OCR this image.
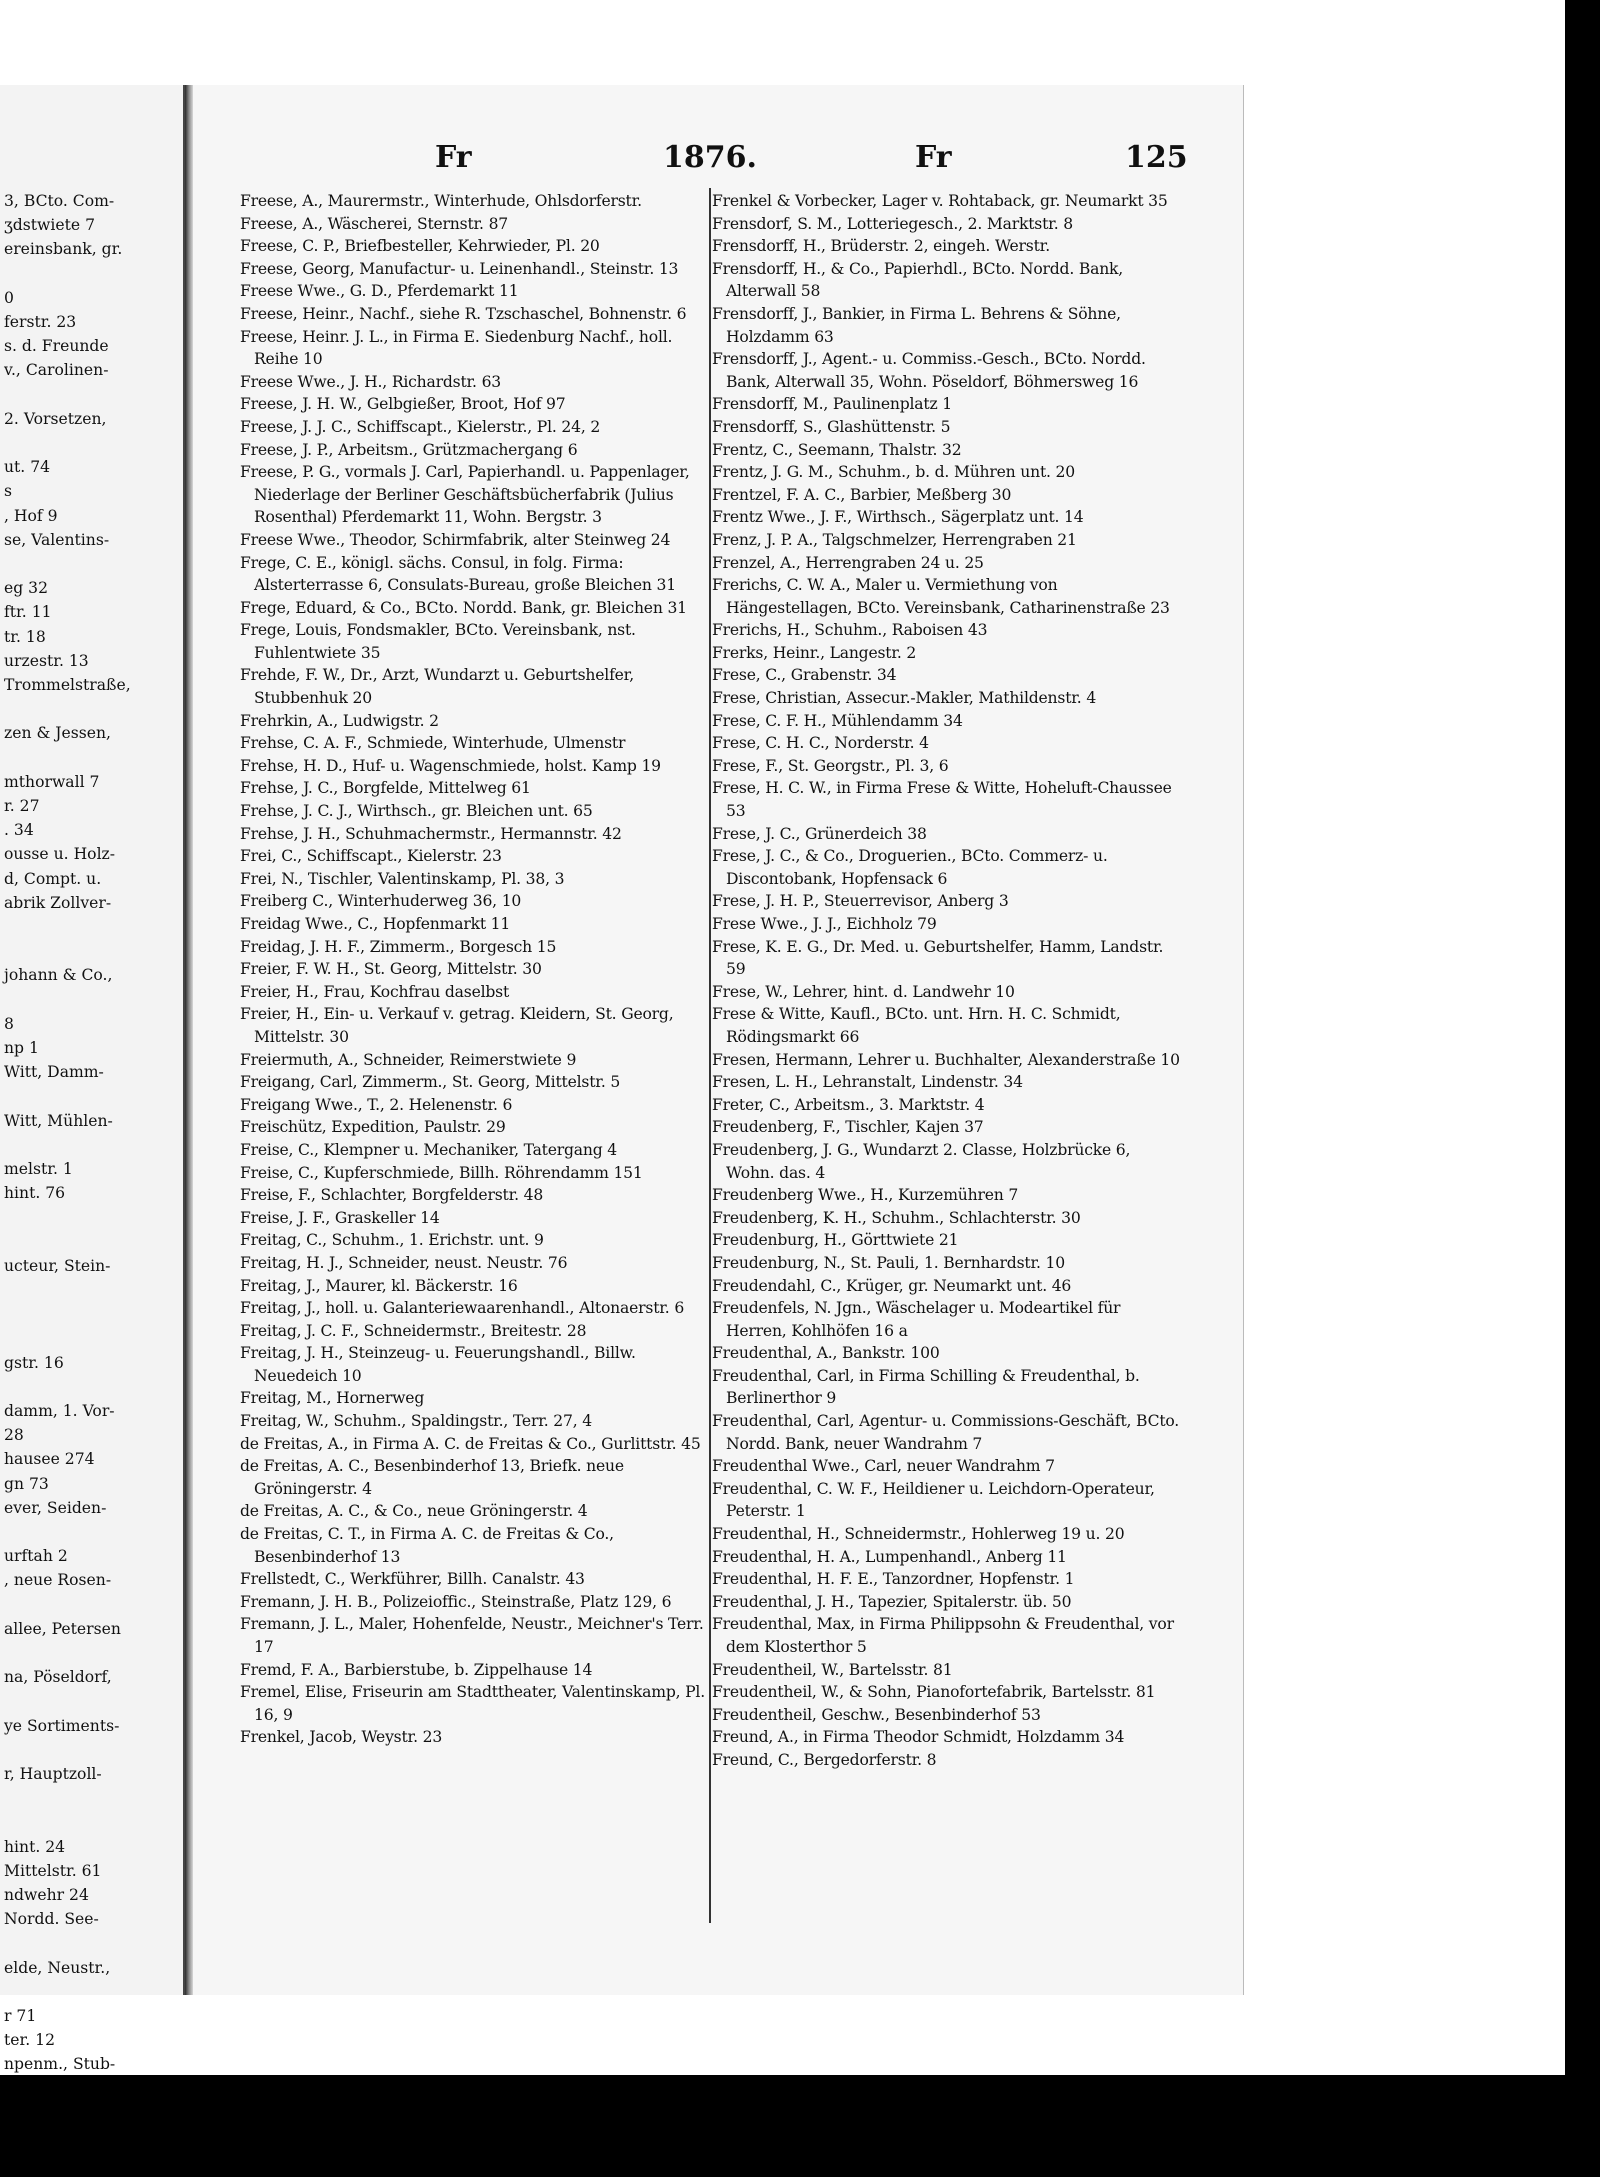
3, BCto. Com-
ʒdstwiete 7
ereinsbank, gr.
0
ferstr. 23
s. d. Freunde
v., Carolinen-
2. Vorsetzen,
ut. 74
s
, Hof 9
se, Valentins-
eg 32
ftr. 11
tr. 18
urzestr. 13
Trommelstraße,
zen & Jessen,
mthorwall 7
r. 27
. 34
ousse u. Holz-
d, Compt. u.
abrik Zollver-
johann & Co.,
8
np 1
Witt, Damm-
Witt, Mühlen-
melstr. 1
hint. 76
ucteur, Stein-
gstr. 16
damm, 1. Vor-
28
hausee 274
gn 73
ever, Seiden-
urftah 2
, neue Rosen-
allee, Petersen
na, Pöseldorf,
ye Sortiments-
r, Hauptzoll-
hint. 24
Mittelstr. 61
ndwehr 24
Nordd. See-
elde, Neustr.,
r 71
ter. 12
npenm., Stub-
Fr	1876.	Fr	125

Freese, A., Maurermstr., Winterhude, Ohlsdorferstr.

Freese, A., Wäscherei, Sternstr. 87

Freese, C. P., Briefbesteller, Kehrwieder, Pl. 20

Freese, Georg, Manufactur- u. Leinenhandl., Steinstr. 13

Freese Wwe., G. D., Pferdemarkt 11

Freese, Heinr., Nachf., siehe R. Tzschaschel, Bohnenstr. 6

Freese, Heinr. J. L., in Firma E. Siedenburg Nachf., holl. Reihe 10

Freese Wwe., J. H., Richardstr. 63

Freese, J. H. W., Gelbgießer, Broot, Hof 97

Freese, J. J. C., Schiffscapt., Kielerstr., Pl. 24, 2

Freese, J. P., Arbeitsm., Grützmachergang 6

Freese, P. G., vormals J. Carl, Papierhandl. u. Pappenlager, Niederlage der Berliner Geschäftsbücherfabrik (Julius Rosenthal) Pferdemarkt 11, Wohn. Bergstr. 3

Freese Wwe., Theodor, Schirmfabrik, alter Steinweg 24

Frege, C. E., königl. sächs. Consul, in folg. Firma: Alsterterrasse 6, Consulats-Bureau, große Bleichen 31

Frege, Eduard, & Co., BCto. Nordd. Bank, gr. Bleichen 31

Frege, Louis, Fondsmakler, BCto. Vereinsbank, nst. Fuhlentwiete 35

Frehde, F. W., Dr., Arzt, Wundarzt u. Geburtshelfer, Stubbenhuk 20

Frehrkin, A., Ludwigstr. 2

Frehse, C. A. F., Schmiede, Winterhude, Ulmenstr

Frehse, H. D., Huf- u. Wagenschmiede, holst. Kamp 19

Frehse, J. C., Borgfelde, Mittelweg 61

Frehse, J. C. J., Wirthsch., gr. Bleichen unt. 65

Frehse, J. H., Schuhmachermstr., Hermannstr. 42

Frei, C., Schiffscapt., Kielerstr. 23

Frei, N., Tischler, Valentinskamp, Pl. 38, 3

Freiberg C., Winterhuderweg 36, 10

Freidag Wwe., C., Hopfenmarkt 11

Freidag, J. H. F., Zimmerm., Borgesch 15

Freier, F. W. H., St. Georg, Mittelstr. 30

Freier, H., Frau, Kochfrau daselbst

Freier, H., Ein- u. Verkauf v. getrag. Kleidern, St. Georg, Mittelstr. 30

Freiermuth, A., Schneider, Reimerstwiete 9

Freigang, Carl, Zimmerm., St. Georg, Mittelstr. 5

Freigang Wwe., T., 2. Helenenstr. 6

Freischütz, Expedition, Paulstr. 29

Freise, C., Klempner u. Mechaniker, Tatergang 4

Freise, C., Kupferschmiede, Billh. Röhrendamm 151

Freise, F., Schlachter, Borgfelderstr. 48

Freise, J. F., Graskeller 14

Freitag, C., Schuhm., 1. Erichstr. unt. 9

Freitag, H. J., Schneider, neust. Neustr. 76

Freitag, J., Maurer, kl. Bäckerstr. 16

Freitag, J., holl. u. Galanteriewaarenhandl., Altonaerstr. 6

Freitag, J. C. F., Schneidermstr., Breitestr. 28

Freitag, J. H., Steinzeug- u. Feuerungshandl., Billw. Neuedeich 10

Freitag, M., Hornerweg

Freitag, W., Schuhm., Spaldingstr., Terr. 27, 4

de Freitas, A., in Firma A. C. de Freitas & Co., Gurlittstr. 45

de Freitas, A. C., Besenbinderhof 13, Briefk. neue Gröningerstr. 4

de Freitas, A. C., & Co., neue Gröningerstr. 4

de Freitas, C. T., in Firma A. C. de Freitas & Co., Besenbinderhof 13

Frellstedt, C., Werkführer, Billh. Canalstr. 43

Fremann, J. H. B., Polizeioffic., Steinstraße, Platz 129, 6

Fremann, J. L., Maler, Hohenfelde, Neustr., Meichner's Terr. 17

Fremd, F. A., Barbierstube, b. Zippelhause 14

Fremel, Elise, Friseurin am Stadttheater, Valentinskamp, Pl. 16, 9

Frenkel, Jacob, Weystr. 23

Frenkel & Vorbecker, Lager v. Rohtaback, gr. Neumarkt 35

Frensdorf, S. M., Lotteriegesch., 2. Marktstr. 8

Frensdorff, H., Brüderstr. 2, eingeh. Werstr.

Frensdorff, H., & Co., Papierhdl., BCto. Nordd. Bank, Alterwall 58

Frensdorff, J., Bankier, in Firma L. Behrens & Söhne, Holzdamm 63

Frensdorff, J., Agent.- u. Commiss.-Gesch., BCto. Nordd. Bank, Alterwall 35, Wohn. Pöseldorf, Böhmersweg 16

Frensdorff, M., Paulinenplatz 1

Frensdorff, S., Glashüttenstr. 5

Frentz, C., Seemann, Thalstr. 32

Frentz, J. G. M., Schuhm., b. d. Mühren unt. 20

Frentzel, F. A. C., Barbier, Meßberg 30

Frentz Wwe., J. F., Wirthsch., Sägerplatz unt. 14

Frenz, J. P. A., Talgschmelzer, Herrengraben 21

Frenzel, A., Herrengraben 24 u. 25

Frerichs, C. W. A., Maler u. Vermiethung von Hängestellagen, BCto. Vereinsbank, Catharinenstraße 23

Frerichs, H., Schuhm., Raboisen 43

Frerks, Heinr., Langestr. 2

Frese, C., Grabenstr. 34

Frese, Christian, Assecur.-Makler, Mathildenstr. 4

Frese, C. F. H., Mühlendamm 34

Frese, C. H. C., Norderstr. 4

Frese, F., St. Georgstr., Pl. 3, 6

Frese, H. C. W., in Firma Frese & Witte, Hoheluft-Chaussee 53

Frese, J. C., Grünerdeich 38

Frese, J. C., & Co., Droguerien., BCto. Commerz- u. Discontobank, Hopfensack 6

Frese, J. H. P., Steuerrevisor, Anberg 3

Frese Wwe., J. J., Eichholz 79

Frese, K. E. G., Dr. Med. u. Geburtshelfer, Hamm, Landstr. 59

Frese, W., Lehrer, hint. d. Landwehr 10

Frese & Witte, Kaufl., BCto. unt. Hrn. H. C. Schmidt, Rödingsmarkt 66

Fresen, Hermann, Lehrer u. Buchhalter, Alexanderstraße 10

Fresen, L. H., Lehranstalt, Lindenstr. 34

Freter, C., Arbeitsm., 3. Marktstr. 4

Freudenberg, F., Tischler, Kajen 37

Freudenberg, J. G., Wundarzt 2. Classe, Holzbrücke 6, Wohn. das. 4

Freudenberg Wwe., H., Kurzemühren 7

Freudenberg, K. H., Schuhm., Schlachterstr. 30

Freudenburg, H., Görttwiete 21

Freudenburg, N., St. Pauli, 1. Bernhardstr. 10

Freudendahl, C., Krüger, gr. Neumarkt unt. 46

Freudenfels, N. Jgn., Wäschelager u. Modeartikel für Herren, Kohlhöfen 16 a

Freudenthal, A., Bankstr. 100

Freudenthal, Carl, in Firma Schilling & Freudenthal, b. Berlinerthor 9

Freudenthal, Carl, Agentur- u. Commissions-Geschäft, BCto. Nordd. Bank, neuer Wandrahm 7

Freudenthal Wwe., Carl, neuer Wandrahm 7

Freudenthal, C. W. F., Heildiener u. Leichdorn-Operateur, Peterstr. 1

Freudenthal, H., Schneidermstr., Hohlerweg 19 u. 20

Freudenthal, H. A., Lumpenhandl., Anberg 11

Freudenthal, H. F. E., Tanzordner, Hopfenstr. 1

Freudenthal, J. H., Tapezier, Spitalerstr. üb. 50

Freudenthal, Max, in Firma Philippsohn & Freudenthal, vor dem Klosterthor 5

Freudentheil, W., Bartelsstr. 81

Freudentheil, W., & Sohn, Pianofortefabrik, Bartelsstr. 81

Freudentheil, Geschw., Besenbinderhof 53

Freund, A., in Firma Theodor Schmidt, Holzdamm 34

Freund, C., Bergedorferstr. 8
